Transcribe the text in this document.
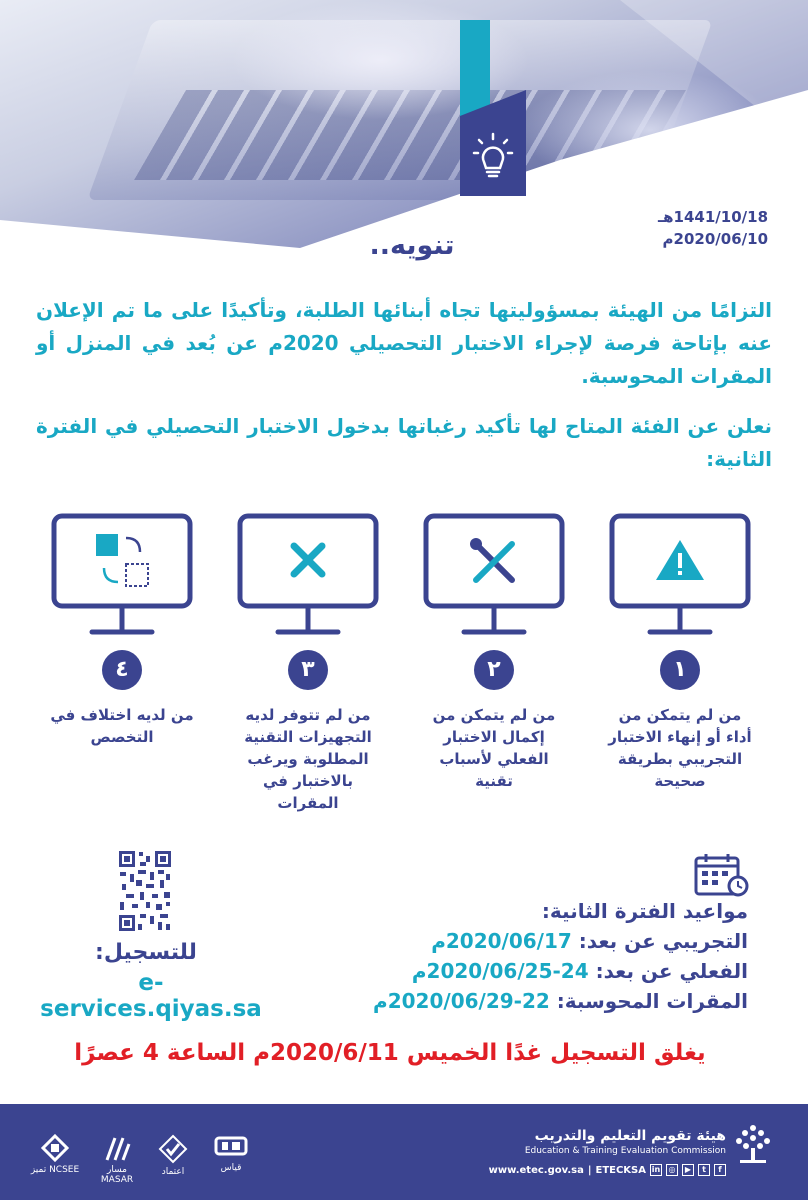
1441/10/18هـ
2020/06/10م
تنويه..
التزامًا من الهيئة بمسؤوليتها تجاه أبنائها الطلبة، وتأكيدًا على ما تم الإعلان عنه بإتاحة فرصة لإجراء الاختبار التحصيلي 2020م عن بُعد في المنزل أو المقرات المحوسبة.
نعلن عن الفئة المتاح لها تأكيد رغباتها بدخول الاختبار التحصيلي في الفترة الثانية:
١
٢
٣
٤
من لم يتمكن من أداء أو إنهاء الاختبار التجريبي بطريقة صحيحة
من لم يتمكن من إكمال الاختبار الفعلي لأسباب تقنية
من لم تتوفر لديه التجهيزات التقنية المطلوبة ويرغب بالاختبار في المقرات
من لديه اختلاف في التخصص
للتسجيل:
e-services.qiyas.sa
مواعيد الفترة الثانية:
التجريبي عن بعد: 2020/06/17م
الفعلي عن بعد: 24-2020/06/25م
المقرات المحوسبة: 22-2020/06/29م
يغلق التسجيل غدًا الخميس 2020/6/11م الساعة 4 عصرًا
هيئة تقويم التعليم والتدريب
Education & Training Evaluation Commission
www.etec.gov.sa | ETECKSA in	◎	▶	t	f
تميز NCSEE	مسار MASAR
اعتماد	قياس
